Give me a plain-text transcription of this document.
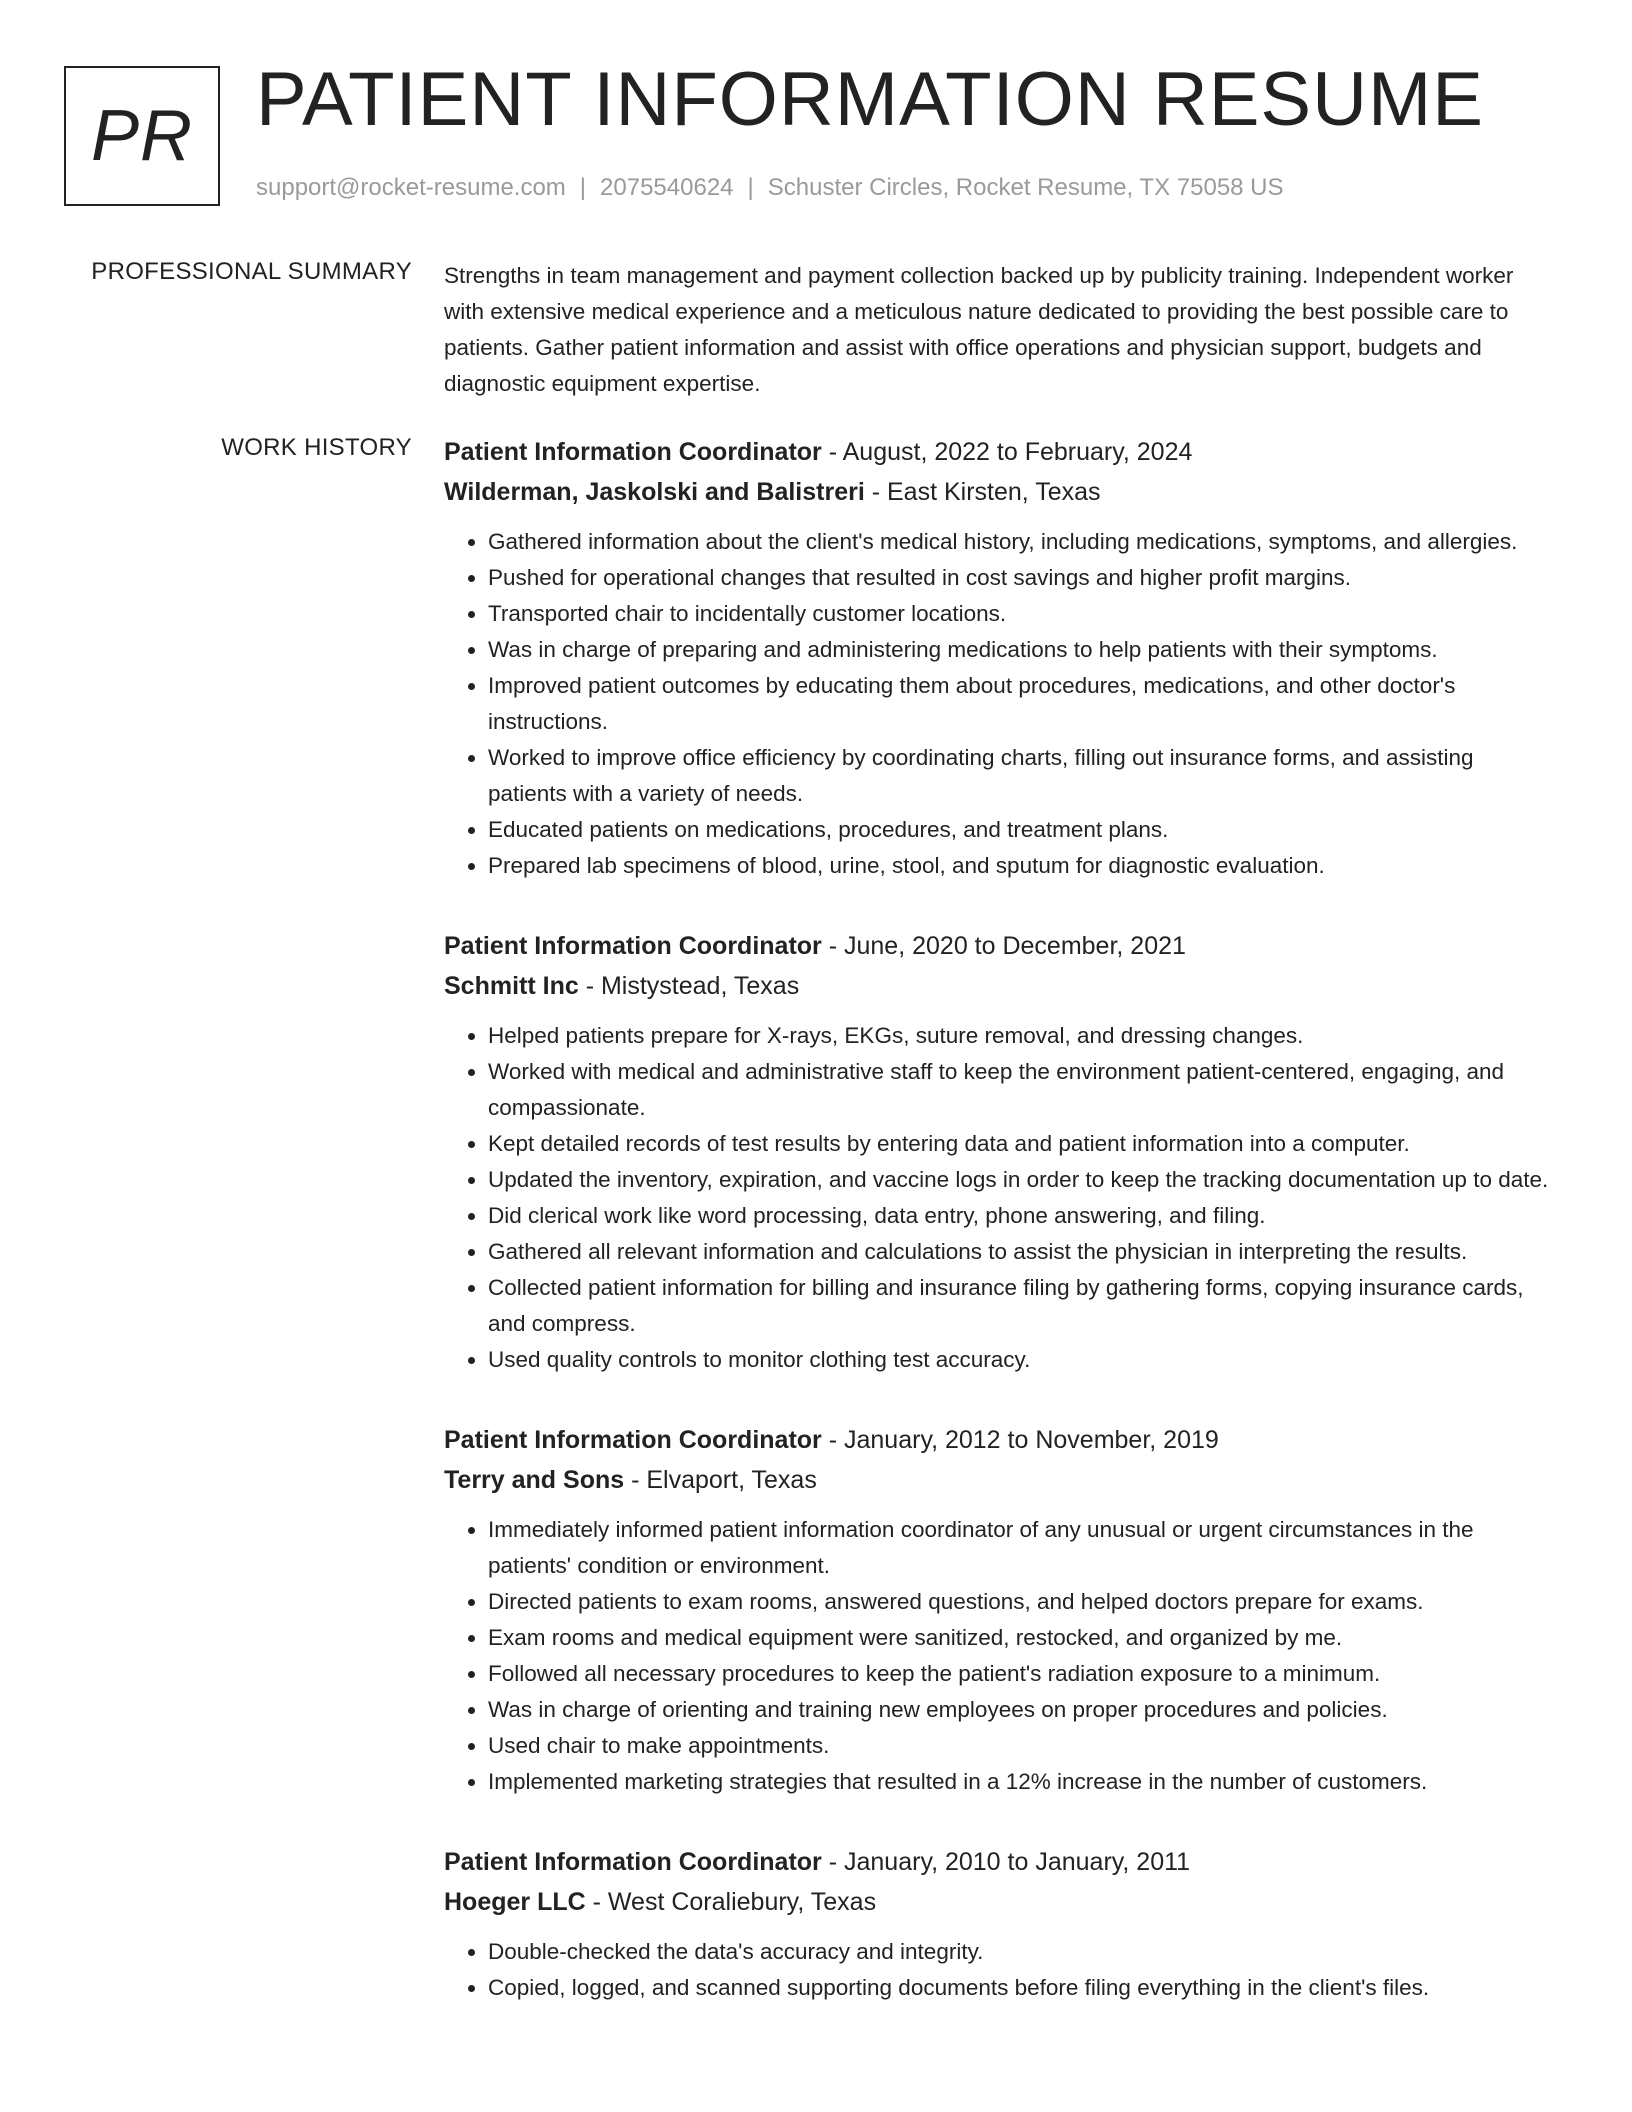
PR PATIENT INFORMATION RESUME
support@rocket-resume.com | 2075540624 | Schuster Circles, Rocket Resume, TX 75058 US
PROFESSIONAL SUMMARY Strengths in team management and payment collection backed up by publicity training. Independent worker with extensive medical experience and a meticulous nature dedicated to providing the best possible care to patients. Gather patient information and assist with office operations and physician support, budgets and diagnostic equipment expertise.

WORK HISTORY Patient Information Coordinator - August, 2022 to February, 2024

Wilderman, Jaskolski and Balistreri - East Kirsten, Texas

• Gathered information about the client's medical history, including medications, symptoms, and allergies.
• Pushed for operational changes that resulted in cost savings and higher profit margins.
• Transported chair to incidentally customer locations.
• Was in charge of preparing and administering medications to help patients with their symptoms.
• Improved patient outcomes by educating them about procedures, medications, and other doctor's instructions.
• Worked to improve office efficiency by coordinating charts, filling out insurance forms, and assisting patients with a variety of needs.
• Educated patients on medications, procedures, and treatment plans.
• Prepared lab specimens of blood, urine, stool, and sputum for diagnostic evaluation.

Patient Information Coordinator - June, 2020 to December, 2021

Schmitt Inc - Mistystead, Texas

• Helped patients prepare for X-rays, EKGs, suture removal, and dressing changes.
• Worked with medical and administrative staff to keep the environment patient-centered, engaging, and compassionate.
• Kept detailed records of test results by entering data and patient information into a computer.
• Updated the inventory, expiration, and vaccine logs in order to keep the tracking documentation up to date.
• Did clerical work like word processing, data entry, phone answering, and filing.
• Gathered all relevant information and calculations to assist the physician in interpreting the results.
• Collected patient information for billing and insurance filing by gathering forms, copying insurance cards, and compress.
• Used quality controls to monitor clothing test accuracy.

Patient Information Coordinator - January, 2012 to November, 2019

Terry and Sons - Elvaport, Texas

• Immediately informed patient information coordinator of any unusual or urgent circumstances in the patients' condition or environment.
• Directed patients to exam rooms, answered questions, and helped doctors prepare for exams.
• Exam rooms and medical equipment were sanitized, restocked, and organized by me.
• Followed all necessary procedures to keep the patient's radiation exposure to a minimum.
• Was in charge of orienting and training new employees on proper procedures and policies.
• Used chair to make appointments.
• Implemented marketing strategies that resulted in a 12% increase in the number of customers.

Patient Information Coordinator - January, 2010 to January, 2011

Hoeger LLC - West Coraliebury, Texas

• Double-checked the data's accuracy and integrity.
• Copied, logged, and scanned supporting documents before filing everything in the client's files.
